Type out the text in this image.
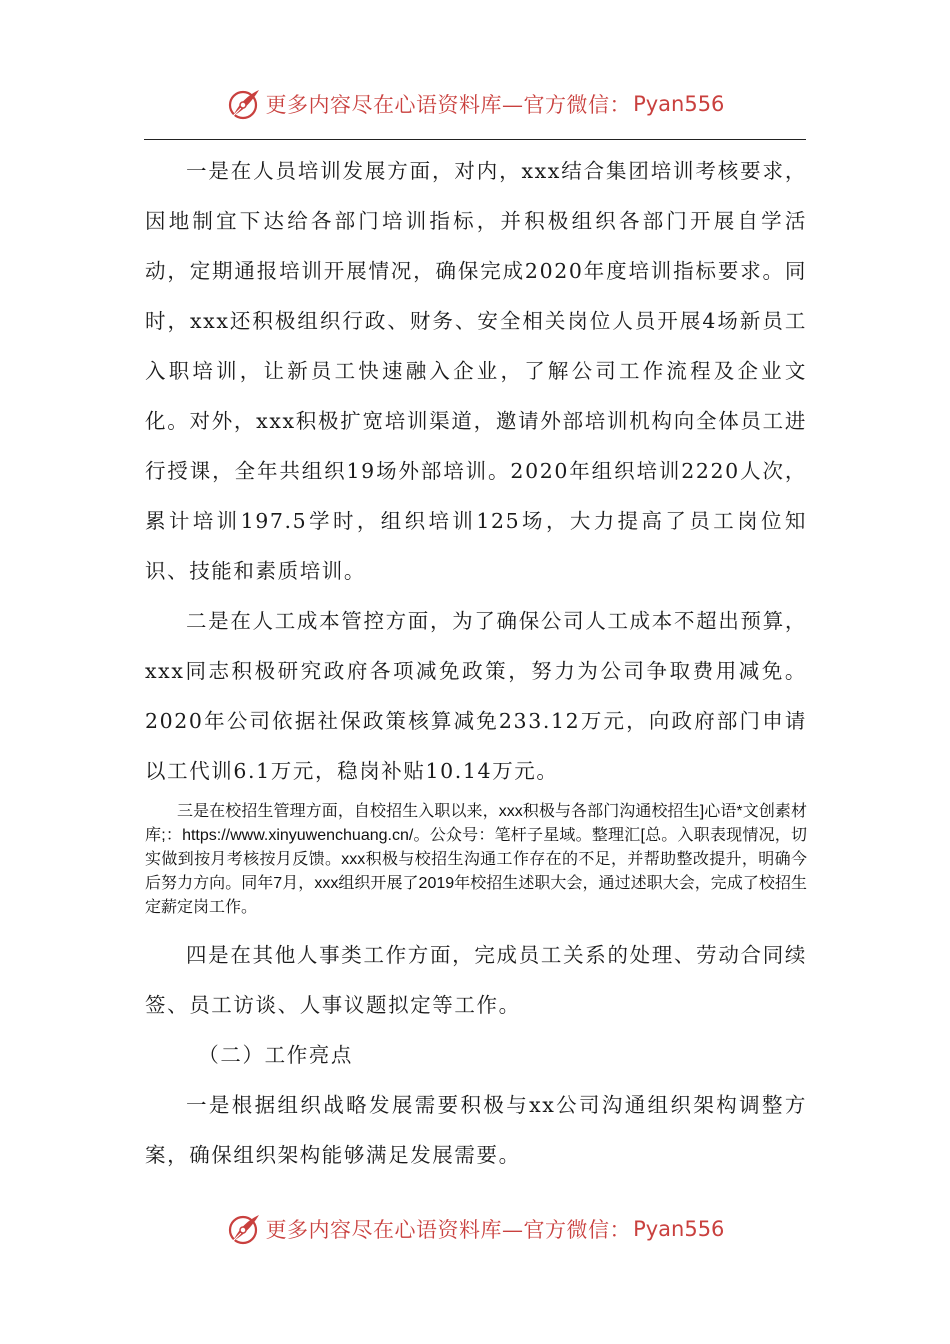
更多内容尽在心语资料库—官方微信： Pyan556

一是在人员培训发展方面，对内，xxx结合集团培训考核要求，因地制宜下达给各部门培训指标，并积极组织各部门开展自学活动，定期通报培训开展情况，确保完成2020年度培训指标要求。同时，xxx还积极组织行政、财务、安全相关岗位人员开展4场新员工入职培训，让新员工快速融入企业，了解公司工作流程及企业文化。对外，xxx积极扩宽培训渠道，邀请外部培训机构向全体员工进行授课，全年共组织19场外部培训。2020年组织培训2220人次，累计培训197.5学时，组织培训125场，大力提高了员工岗位知识、技能和素质培训。

二是在人工成本管控方面，为了确保公司人工成本不超出预算，xxx同志积极研究政府各项减免政策，努力为公司争取费用减免。2020年公司依据社保政策核算减免233.12万元，向政府部门申请以工代训6.1万元，稳岗补贴10.14万元。

三是在校招生管理方面，自校招生入职以来，xxx积极与各部门沟通校招生]心语*文创素材库;：https://www.xinyuwenchuang.cn/。公众号：笔杆子星域。整理汇[总。入职表现情况，切实做到按月考核按月反馈。xxx积极与校招生沟通工作存在的不足，并帮助整改提升，明确今后努力方向。同年7月，xxx组织开展了2019年校招生述职大会，通过述职大会，完成了校招生定薪定岗工作。

四是在其他人事类工作方面，完成员工关系的处理、劳动合同续签、员工访谈、人事议题拟定等工作。

（二）工作亮点

一是根据组织战略发展需要积极与xx公司沟通组织架构调整方案，确保组织架构能够满足发展需要。

更多内容尽在心语资料库—官方微信： Pyan556
